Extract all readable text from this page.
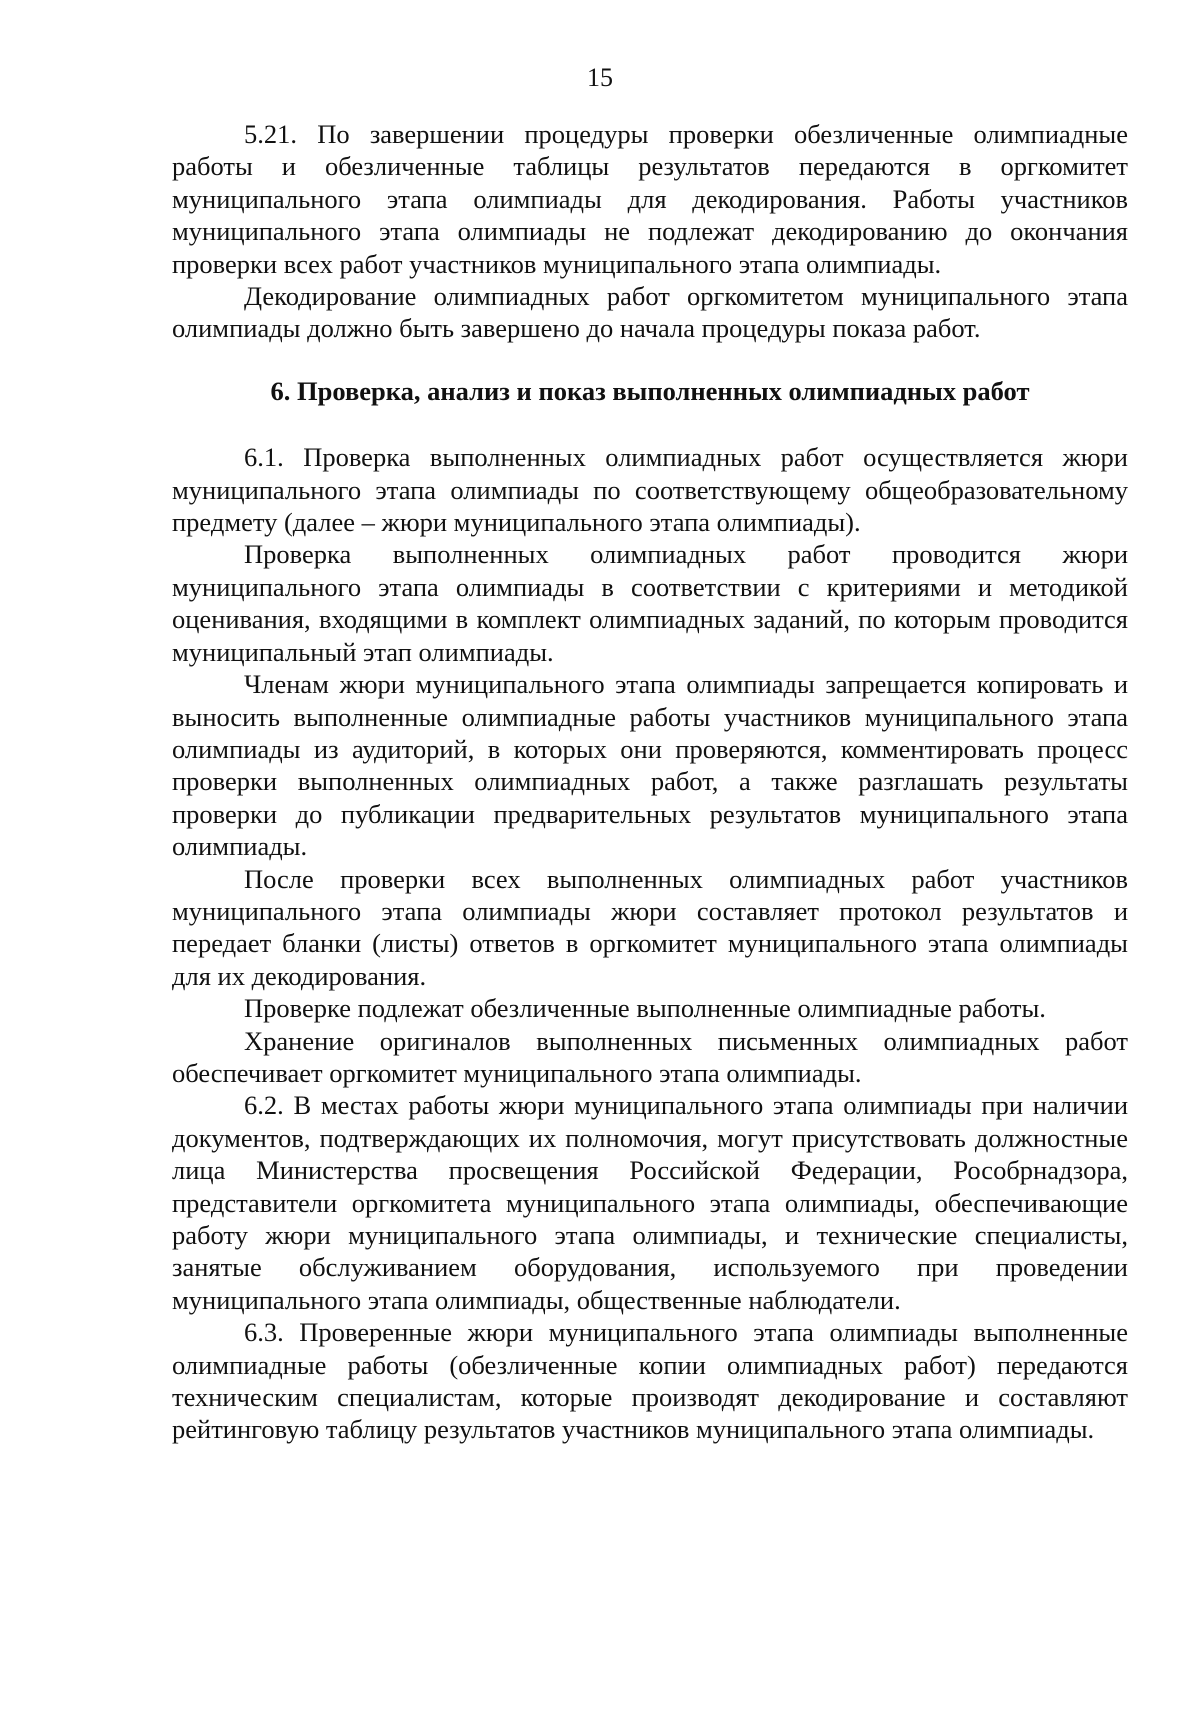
15

5.21. По завершении процедуры проверки обезличенные олимпиадные работы и обезличенные таблицы результатов передаются в оргкомитет муниципального этапа олимпиады для декодирования. Работы участников муниципального этапа олимпиады не подлежат декодированию до окончания проверки всех работ участников муниципального этапа олимпиады.

Декодирование олимпиадных работ оргкомитетом муниципального этапа олимпиады должно быть завершено до начала процедуры показа работ.

6. Проверка, анализ и показ выполненных олимпиадных работ

6.1. Проверка выполненных олимпиадных работ осуществляется жюри муниципального этапа олимпиады по соответствующему общеобразовательному предмету (далее – жюри муниципального этапа олимпиады).

Проверка выполненных олимпиадных работ проводится жюри муниципального этапа олимпиады в соответствии с критериями и методикой оценивания, входящими в комплект олимпиадных заданий, по которым проводится муниципальный этап олимпиады.

Членам жюри муниципального этапа олимпиады запрещается копировать и выносить выполненные олимпиадные работы участников муниципального этапа олимпиады из аудиторий, в которых они проверяются, комментировать процесс проверки выполненных олимпиадных работ, а также разглашать результаты проверки до публикации предварительных результатов муниципального этапа олимпиады.

После проверки всех выполненных олимпиадных работ участников муниципального этапа олимпиады жюри составляет протокол результатов и передает бланки (листы) ответов в оргкомитет муниципального этапа олимпиады для их декодирования.

Проверке подлежат обезличенные выполненные олимпиадные работы.

Хранение оригиналов выполненных письменных олимпиадных работ обеспечивает оргкомитет муниципального этапа олимпиады.

6.2. В местах работы жюри муниципального этапа олимпиады при наличии документов, подтверждающих их полномочия, могут присутствовать должностные лица Министерства просвещения Российской Федерации, Рособрнадзора, представители оргкомитета муниципального этапа олимпиады, обеспечивающие работу жюри муниципального этапа олимпиады, и технические специалисты, занятые обслуживанием оборудования, используемого при проведении муниципального этапа олимпиады, общественные наблюдатели.

6.3. Проверенные жюри муниципального этапа олимпиады выполненные олимпиадные работы (обезличенные копии олимпиадных работ) передаются техническим специалистам, которые производят декодирование и составляют рейтинговую таблицу результатов участников муниципального этапа олимпиады.
